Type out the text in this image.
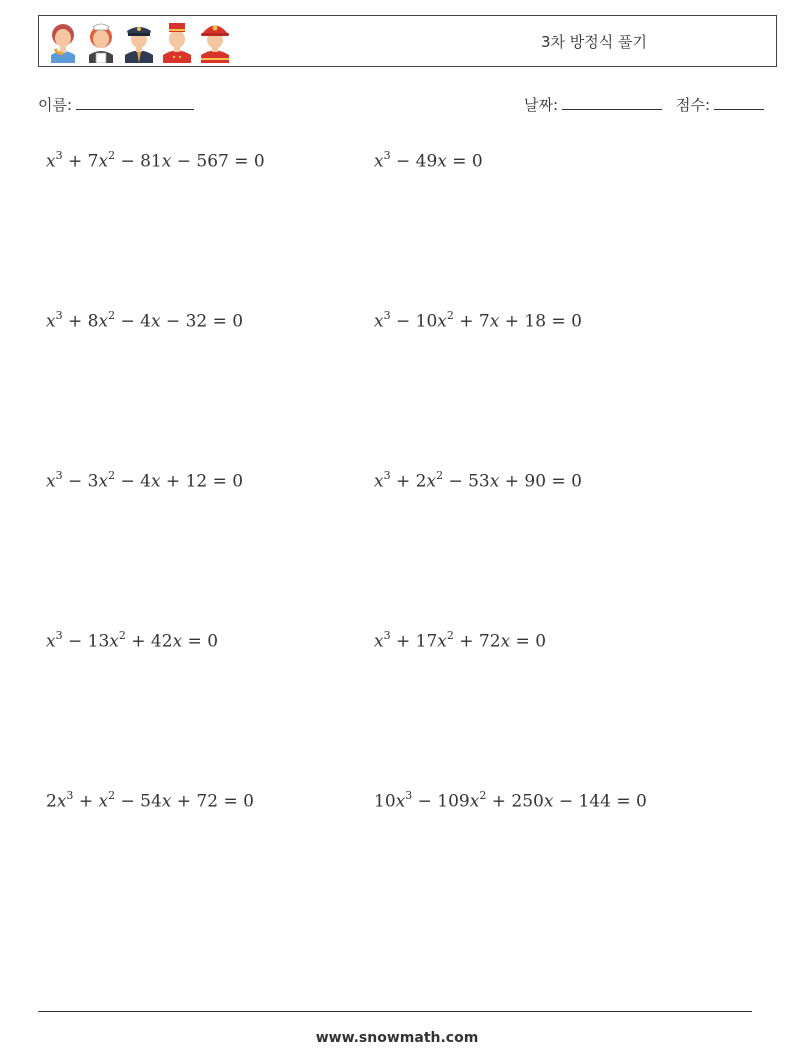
3차 방정식 풀기
이름:	날짜:	점수:
$x^3 + 7x^2 - 81x - 567 = 0$	$x^3 - 49x = 0$
$x^3 + 8x^2 - 4x - 32 = 0$	$x^3 - 10x^2 + 7x + 18 = 0$
$x^3 - 3x^2 - 4x + 12 = 0$	$x^3 + 2x^2 - 53x + 90 = 0$
$x^3 - 13x^2 + 42x = 0$	$x^3 + 17x^2 + 72x = 0$
$2x^3 + x^2 - 54x + 72 = 0$	$10x^3 - 109x^2 + 250x - 144 = 0$
www.snowmath.com
